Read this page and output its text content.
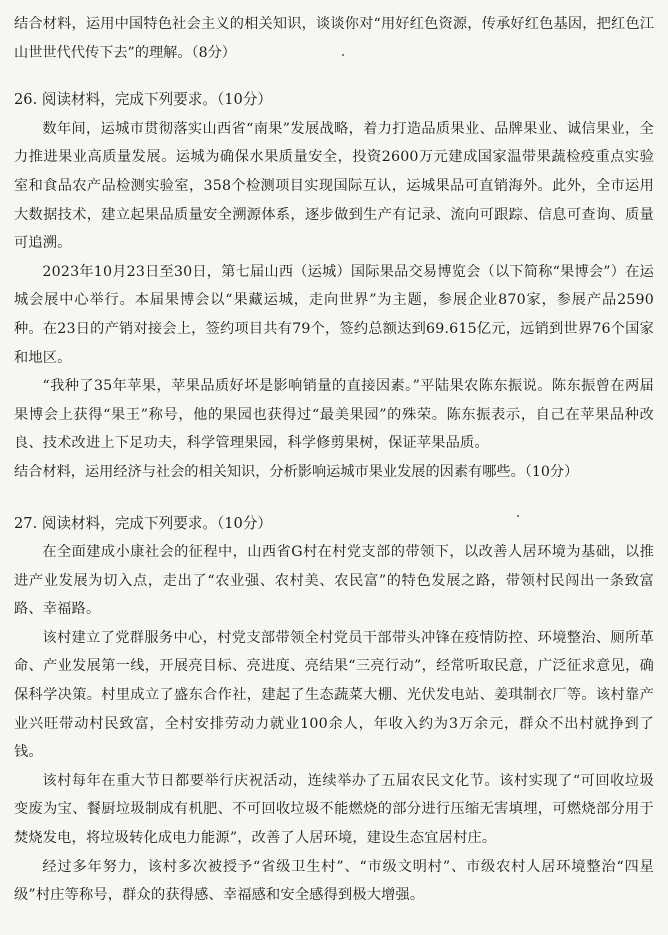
结合材料，运用中国特色社会主义的相关知识，谈谈你对“用好红色资源，传承好红色基因，把红色江山世世代代传下去”的理解。（8分）

26. 阅读材料，完成下列要求。（10分）

数年间，运城市贯彻落实山西省“南果”发展战略，着力打造品质果业、品牌果业、诚信果业，全力推进果业高质量发展。运城为确保水果质量安全，投资2600万元建成国家温带果蔬检疫重点实验室和食品农产品检测实验室，358个检测项目实现国际互认，运城果品可直销海外。此外，全市运用大数据技术，建立起果品质量安全溯源体系，逐步做到生产有记录、流向可跟踪、信息可查询、质量可追溯。

2023年10月23日至30日，第七届山西（运城）国际果品交易博览会（以下简称“果博会”）在运城会展中心举行。本届果博会以“果藏运城，走向世界”为主题，参展企业870家，参展产品2590种。在23日的产销对接会上，签约项目共有79个，签约总额达到69.615亿元，远销到世界76个国家和地区。

“我种了35年苹果，苹果品质好坏是影响销量的直接因素。”平陆果农陈东振说。陈东振曾在两届果博会上获得“果王”称号，他的果园也获得过“最美果园”的殊荣。陈东振表示，自己在苹果品种改良、技术改进上下足功夫，科学管理果园，科学修剪果树，保证苹果品质。

结合材料，运用经济与社会的相关知识，分析影响运城市果业发展的因素有哪些。（10分）

27. 阅读材料，完成下列要求。（10分）

在全面建成小康社会的征程中，山西省G村在村党支部的带领下，以改善人居环境为基础，以推进产业发展为切入点，走出了“农业强、农村美、农民富”的特色发展之路，带领村民闯出一条致富路、幸福路。

该村建立了党群服务中心，村党支部带领全村党员干部带头冲锋在疫情防控、环境整治、厕所革命、产业发展第一线，开展亮目标、亮进度、亮结果“三亮行动”，经常听取民意，广泛征求意见，确保科学决策。村里成立了盛东合作社，建起了生态蔬菜大棚、光伏发电站、姜琪制衣厂等。该村靠产业兴旺带动村民致富，全村安排劳动力就业100余人，年收入约为3万余元，群众不出村就挣到了钱。

该村每年在重大节日都要举行庆祝活动，连续举办了五届农民文化节。该村实现了“可回收垃圾变废为宝、餐厨垃圾制成有机肥、不可回收垃圾不能燃烧的部分进行压缩无害填埋，可燃烧部分用于焚烧发电，将垃圾转化成电力能源”，改善了人居环境，建设生态宜居村庄。

经过多年努力，该村多次被授予“省级卫生村”、“市级文明村”、市级农村人居环境整治“四星级”村庄等称号，群众的获得感、幸福感和安全感得到极大增强。
